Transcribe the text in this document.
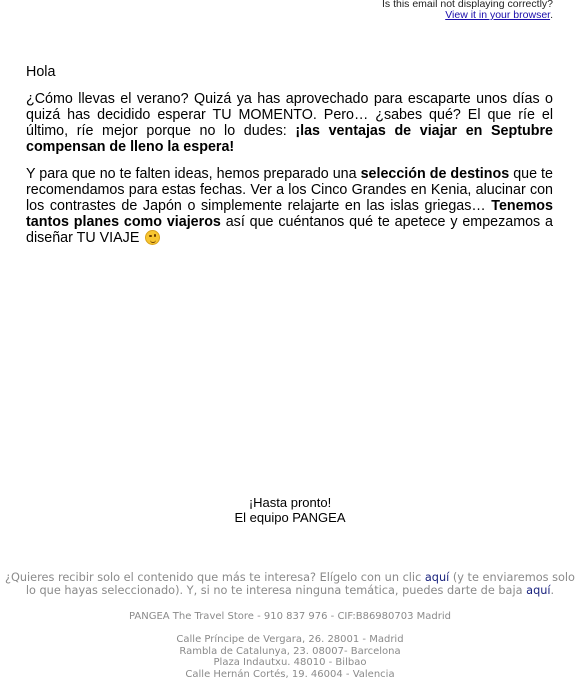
Is this email not displaying correctly?
View it in your browser.

Hola

¿Cómo llevas el verano? Quizá ya has aprovechado para escaparte unos días o quizá has decidido esperar TU MOMENTO. Pero… ¿sabes qué? El que ríe el último, ríe mejor porque no lo dudes: ¡las ventajas de viajar en Septubre compensan de lleno la espera!

Y para que no te falten ideas, hemos preparado una selección de destinos que te recomendamos para estas fechas. Ver a los Cinco Grandes en Kenia, alucinar con los contrastes de Japón o simplemente relajarte en las islas griegas… Tenemos tantos planes como viajeros así que cuéntanos qué te apetece y empezamos a diseñar TU VIAJE

¡Hasta pronto!
El equipo PANGEA
¿Quieres recibir solo el contenido que más te interesa? Elígelo con un clic aquí (y te enviaremos solo lo que hayas seleccionado). Y, si no te interesa ninguna temática, puedes darte de baja aquí.
PANGEA The Travel Store - 910 837 976 - CIF:B86980703 Madrid
Calle Príncipe de Vergara, 26. 28001 - Madrid
Rambla de Catalunya, 23. 08007- Barcelona
Plaza Indautxu. 48010 - Bilbao
Calle Hernán Cortés, 19. 46004 - Valencia
